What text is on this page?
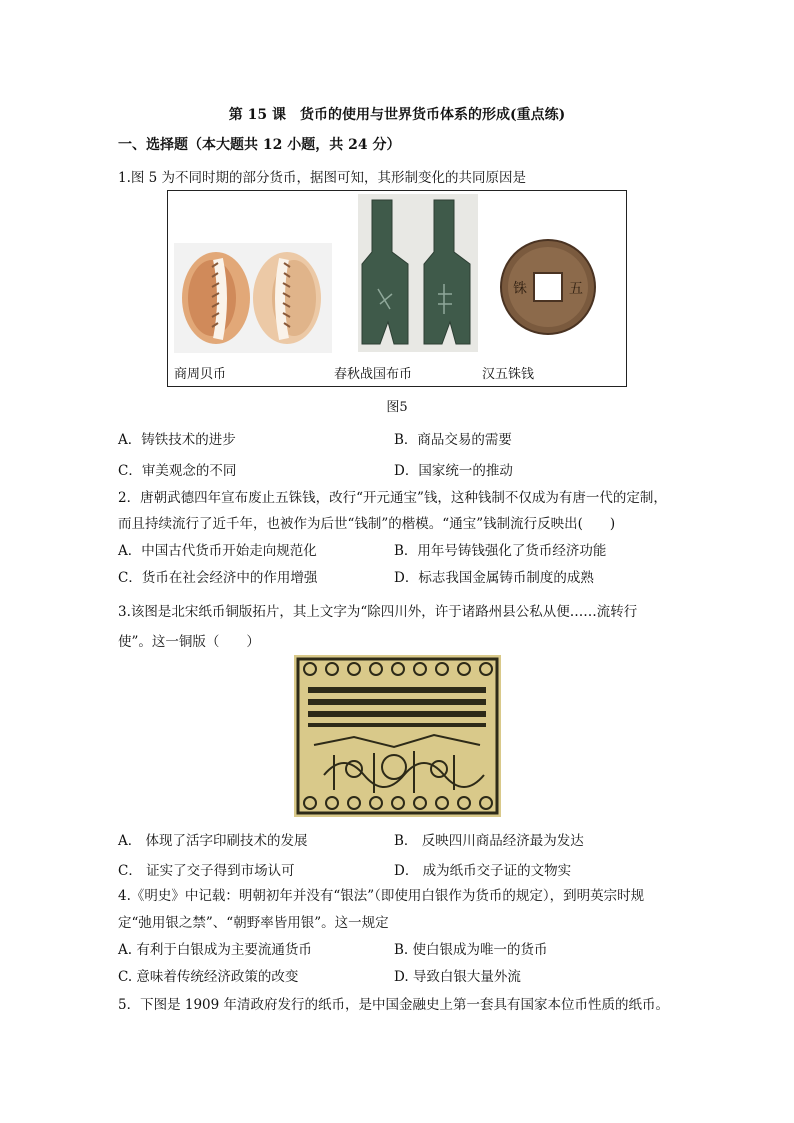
第 15 课　货币的使用与世界货币体系的形成(重点练)
一、选择题（本大题共 12 小题，共 24 分）
1.图 5 为不同时期的部分货币，据图可知，其形制变化的共同原因是
铢	五
商周贝币	春秋战国布币	汉五铢钱
图5
A．铸铁技术的进步	B．商品交易的需要
C．审美观念的不同	D．国家统一的推动
2．唐朝武德四年宣布废止五铢钱，改行“开元通宝”钱，这种钱制不仅成为有唐一代的定制，
而且持续流行了近千年，也被作为后世“钱制”的楷模。“通宝”钱制流行反映出(　　)
A．中国古代货币开始走向规范化	B．用年号铸钱强化了货币经济功能
C．货币在社会经济中的作用增强	D．标志我国金属铸币制度的成熟
3.该图是北宋纸币铜版拓片，其上文字为“除四川外，许于诸路州县公私从便……流转行
使”。这一铜版（　　）
A． 体现了活字印刷技术的发展	B． 反映四川商品经济最为发达
C． 证实了交子得到市场认可	D． 成为纸币交子证的文物实
4.《明史》中记载：明朝初年并没有“银法”（即使用白银作为货币的规定），到明英宗时规
定“弛用银之禁”、“朝野率皆用银”。这一规定
A. 有利于白银成为主要流通货币	B. 使白银成为唯一的货币
C. 意味着传统经济政策的改变	D. 导致白银大量外流
5．下图是 1909 年清政府发行的纸币，是中国金融史上第一套具有国家本位币性质的纸币。
